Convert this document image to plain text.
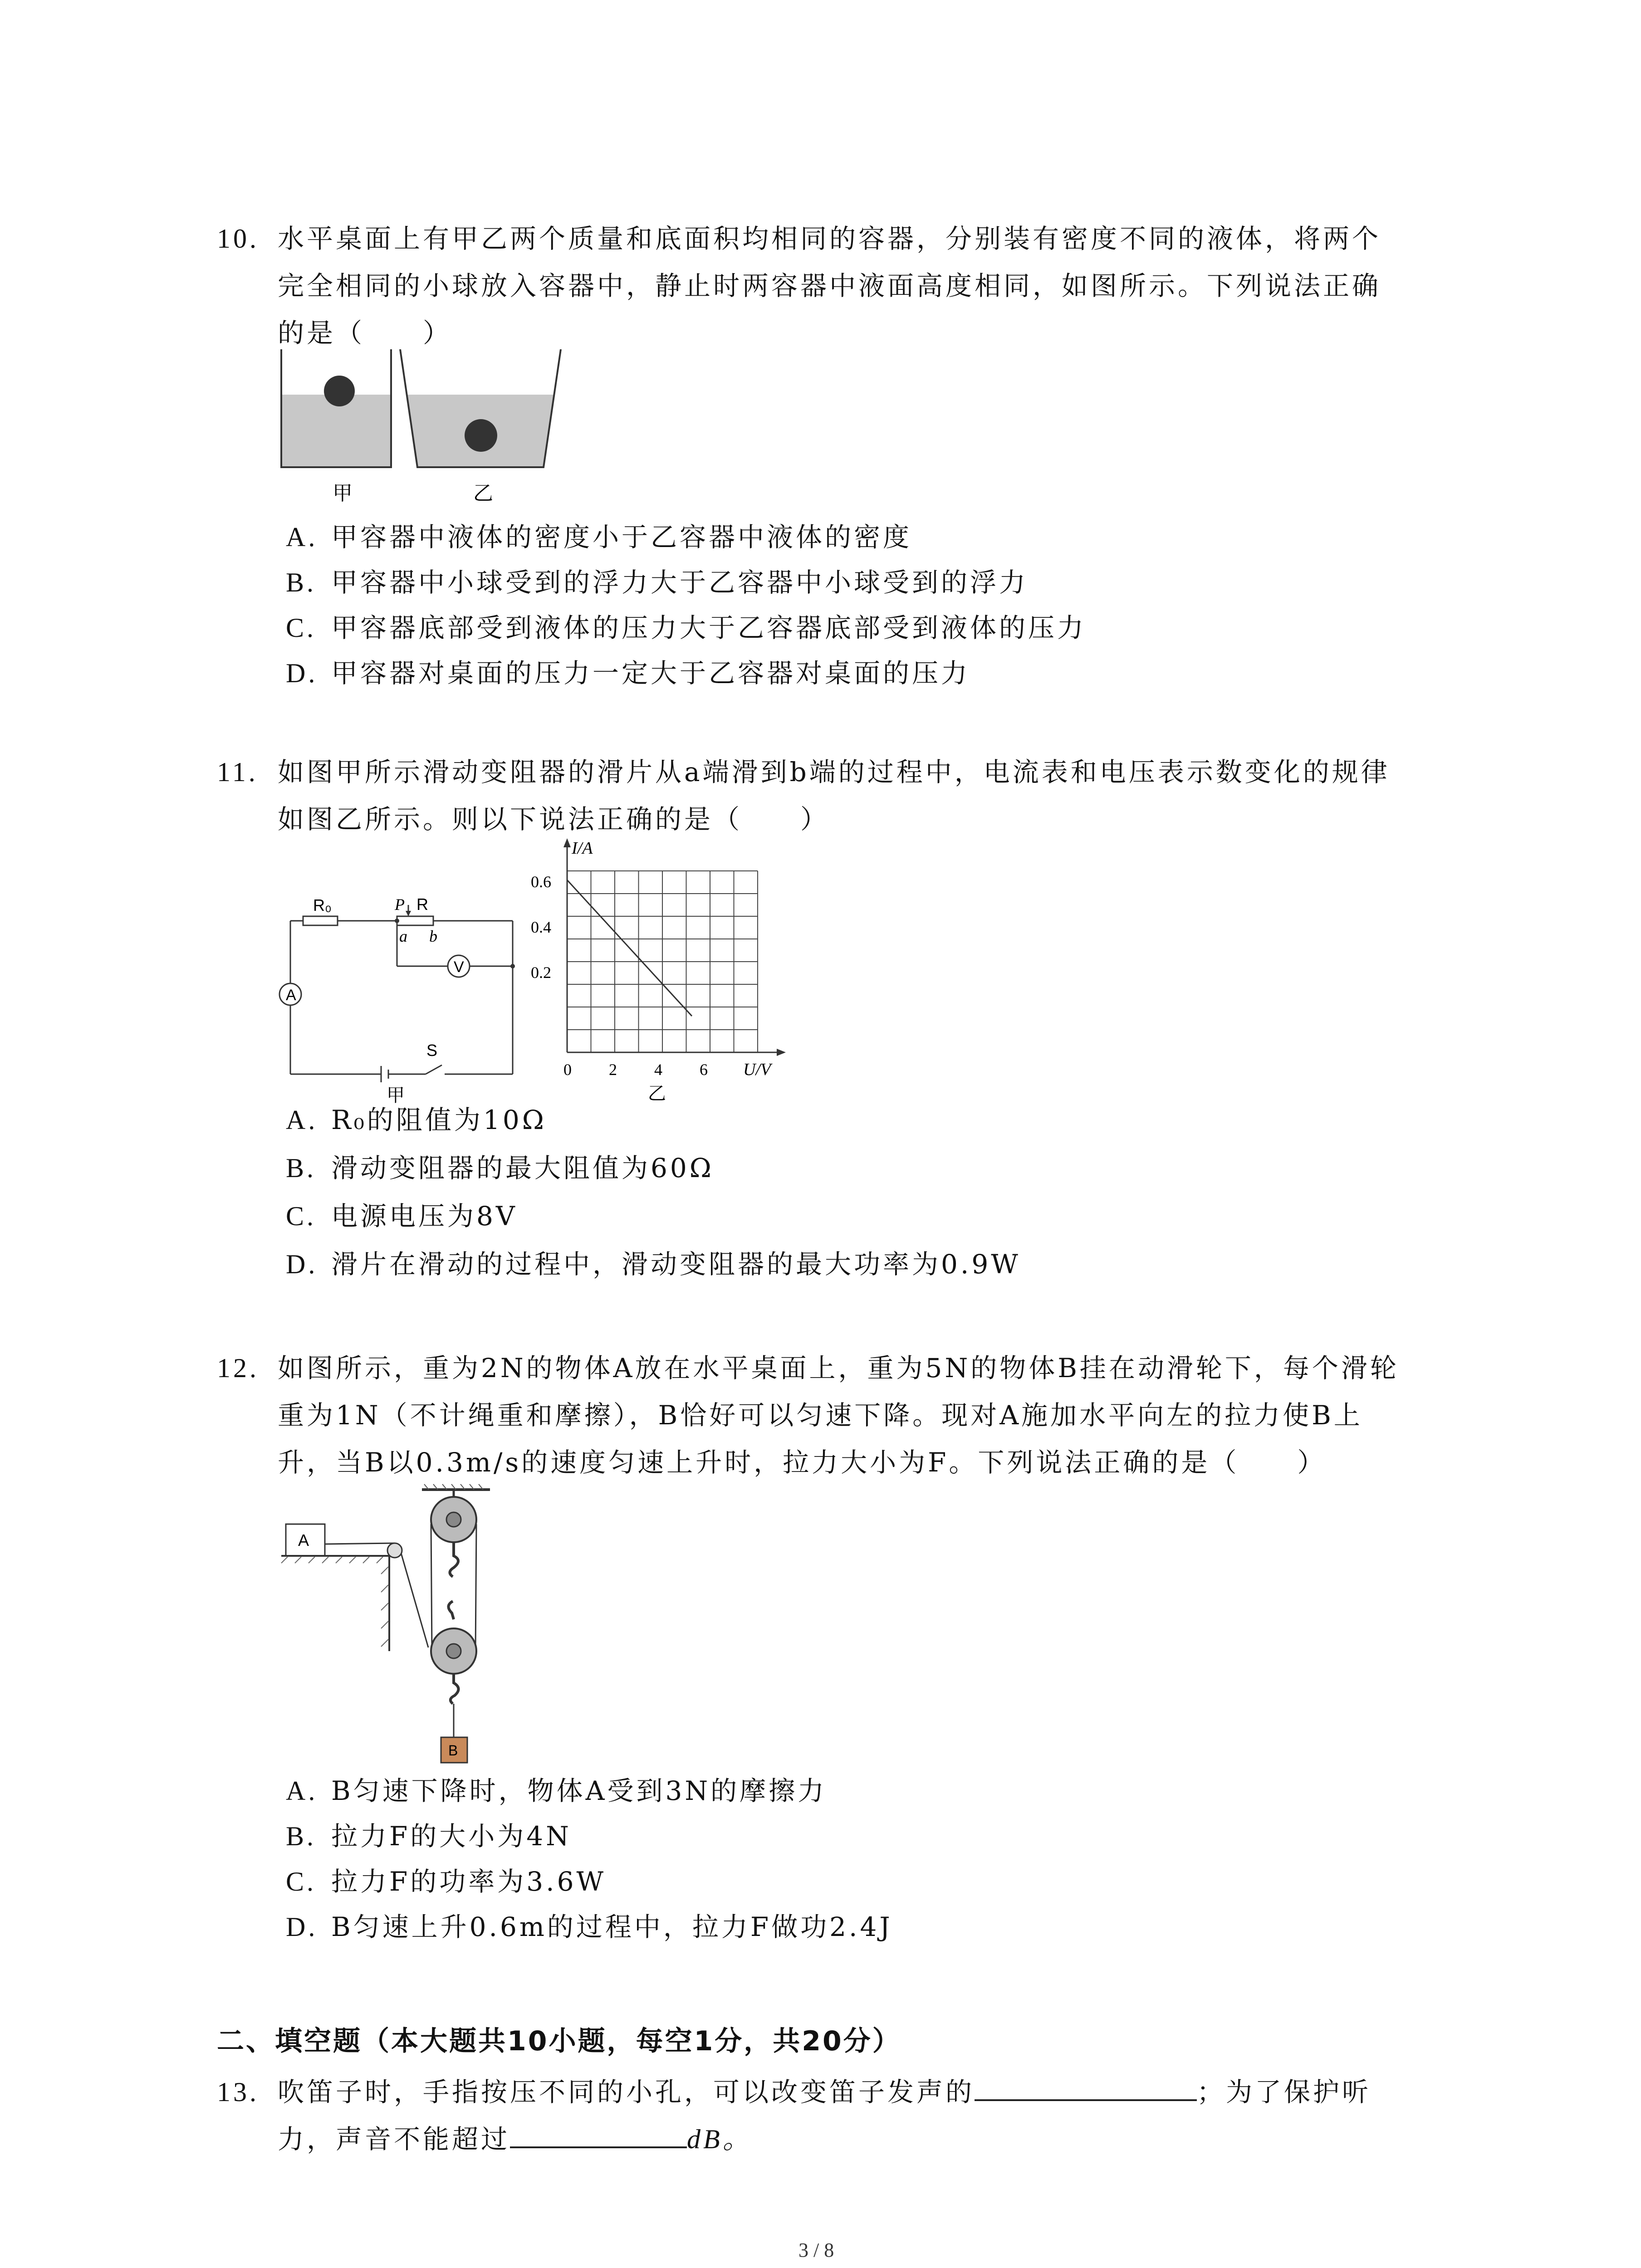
10. 水平桌面上有甲乙两个质量和底面积均相同的容器，分别装有密度不同的液体，将两个
完全相同的小球放入容器中，静止时两容器中液面高度相同，如图所示。下列说法正确
的是（　　）
甲	乙
A. 甲容器中液体的密度小于乙容器中液体的密度
B. 甲容器中小球受到的浮力大于乙容器中小球受到的浮力
C. 甲容器底部受到液体的压力大于乙容器底部受到液体的压力
D. 甲容器对桌面的压力一定大于乙容器对桌面的压力
11. 如图甲所示滑动变阻器的滑片从a端滑到b端的过程中，电流表和电压表示数变化的规律
如图乙所示。则以下说法正确的是（　　）
R₀	P R
a b
A
V
S
甲
I/A
U/V
0.6
0.4
0.2
0 2 4 6
乙
A. R₀的阻值为10Ω
B. 滑动变阻器的最大阻值为60Ω
C. 电源电压为8V
D. 滑片在滑动的过程中，滑动变阻器的最大功率为0.9W
12. 如图所示，重为2N的物体A放在水平桌面上，重为5N的物体B挂在动滑轮下，每个滑轮
重为1N（不计绳重和摩擦），B恰好可以匀速下降。现对A施加水平向左的拉力使B上
升，当B以0.3m/s的速度匀速上升时，拉力大小为F。下列说法正确的是（　　）
A
B
A. B匀速下降时，物体A受到3N的摩擦力
B. 拉力F的大小为4N
C. 拉力F的功率为3.6W
D. B匀速上升0.6m的过程中，拉力F做功2.4J
二、填空题（本大题共10小题，每空1分，共20分）
13. 吹笛子时，手指按压不同的小孔，可以改变笛子发声的	；为了保护听
力，声音不能超过	dB。
3 / 8
